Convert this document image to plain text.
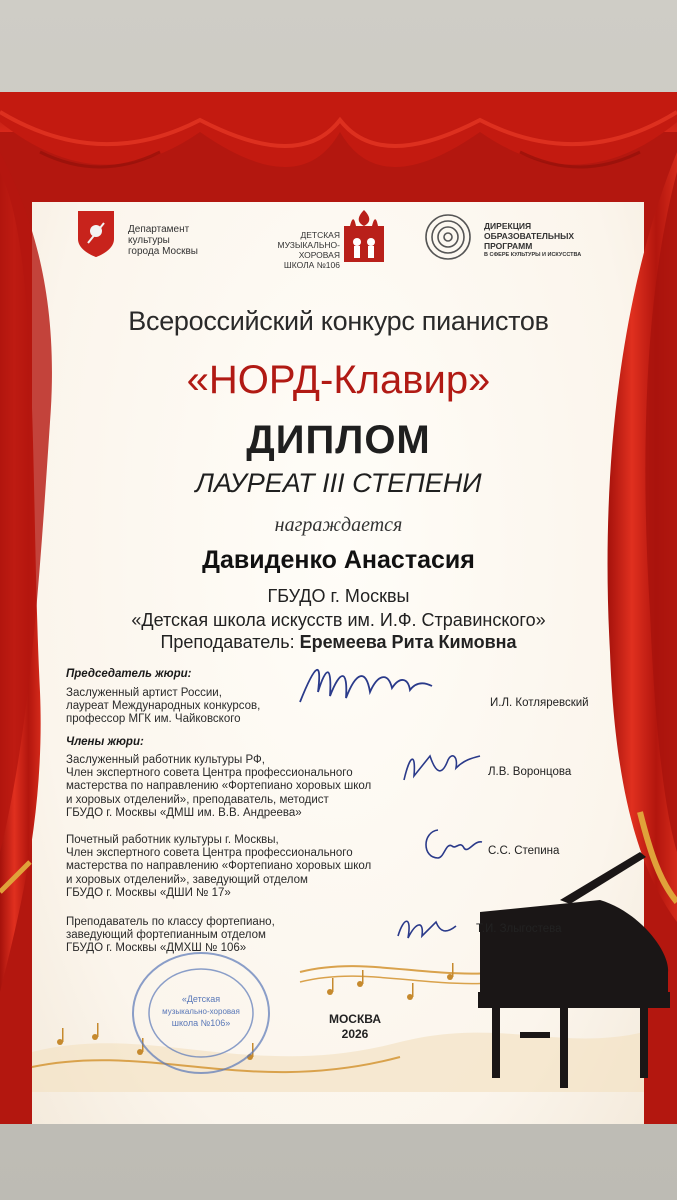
Департамент
культуры
города Москвы
ДЕТСКАЯ
МУЗЫКАЛЬНО-ХОРОВАЯ
ШКОЛА №106
ДИРЕКЦИЯ
ОБРАЗОВАТЕЛЬНЫХ
ПРОГРАММ
В СФЕРЕ КУЛЬТУРЫ И ИСКУССТВА
Всероссийский конкурс пианистов
«НОРД-Клавир»
ДИПЛОМ
ЛАУРЕАТ III СТЕПЕНИ
награждается
Давиденко Анастасия
ГБУДО г. Москвы
«Детская школа искусств им. И.Ф. Стравинского»
Преподаватель: Еремеева Рита Кимовна
Председатель жюри:
Заслуженный артист России,
лауреат Международных конкурсов,
профессор МГК им. Чайковского
И.Л. Котляревский
Члены жюри:
Заслуженный работник культуры РФ,
Член экспертного совета Центра профессионального
мастерства по направлению «Фортепиано хоровых школ
и хоровых отделений», преподаватель, методист
ГБУДО г. Москвы «ДМШ им. В.В. Андреева»
Л.В. Воронцова
Почетный работник культуры г. Москвы,
Член экспертного совета Центра профессионального
мастерства по направлению «Фортепиано хоровых школ
и хоровых отделений», заведующий отделом
ГБУДО г. Москвы «ДШИ № 17»
С.С. Степина
Преподаватель по классу фортепиано,
заведующий фортепианным отделом
ГБУДО г. Москвы «ДМХШ № 106»
Т.И. Злыгостева
«Детская
музыкально-хоровая
школа №106»	МОСКВА
2026
